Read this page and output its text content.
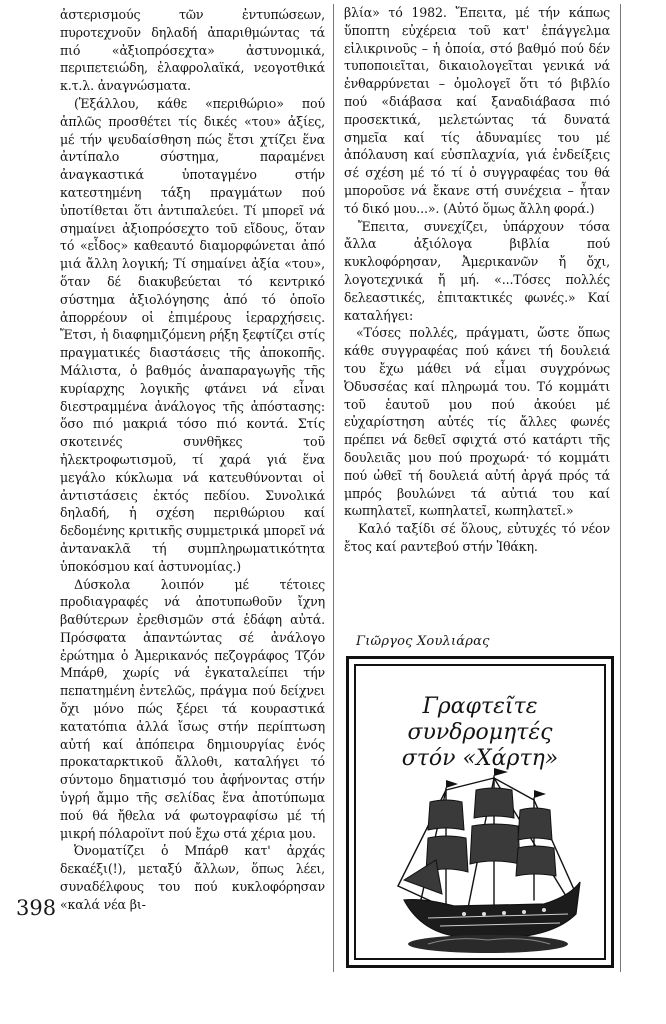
ἀστερισμούς τῶν ἐντυπώσεων, πυροτεχνοῦν δηλαδή ἀπαριθμώντας τά πιό «ἀξιοπρόσεχτα» ἀστυνομικά, περιπετειώδη, ἐλαφρολαϊκά, νεογοτθικά κ.τ.λ. ἀναγνώσματα.

(Ἐξάλλου, κάθε «περιθώριο» πού ἁπλῶς προσθέτει τίς δικές «του» ἀξίες, μέ τήν ψευδαίσθηση πώς ἔτσι χτίζει ἕνα ἀντίπαλο σύστημα, παραμένει ἀναγκαστικά ὑποταγμένο στήν κατεστημένη τάξη πραγμάτων πού ὑποτίθεται ὅτι ἀντιπαλεύει. Τί μπορεῖ νά σημαίνει ἀξιοπρόσεχτο τοῦ εἴδους, ὅταν τό «εἶδος» καθεαυτό διαμορφώνεται ἀπό μιά ἄλλη λογική; Τί σημαίνει ἀξία «του», ὅταν δέ διακυβεύεται τό κεντρικό σύστημα ἀξιολόγησης ἀπό τό ὁποῖο ἀπορρέουν οἱ ἐπιμέρους ἱεραρχήσεις. Ἔτσι, ἡ διαφημιζόμενη ρήξη ξεφτίζει στίς πραγματικές διαστάσεις τῆς ἀποκοπῆς. Μάλιστα, ὁ βαθμός ἀναπαραγωγῆς τῆς κυρίαρχης λογικῆς φτάνει νά εἶναι διεστραμμένα ἀνάλογος τῆς ἀπόστασης: ὅσο πιό μακριά τόσο πιό κοντά. Στίς σκοτεινές συνθῆκες τοῦ ἠλεκτροφωτισμοῦ, τί χαρά γιά ἕνα μεγάλο κύκλωμα νά κατευθύνονται οἱ ἀντιστάσεις ἐκτός πεδίου. Συνολικά δηλαδή, ἡ σχέση περιθώριου καί δεδομένης κριτικῆς συμμετρικά μπορεῖ νά ἀντανακλᾶ τή συμπληρωματικότητα ὑποκόσμου καί ἀστυνομίας.)

Δύσκολα λοιπόν μέ τέτοιες προδιαγραφές νά ἀποτυπωθοῦν ἴχνη βαθύτερων ἐρεθισμῶν στά ἐδάφη αὐτά. Πρόσφατα ἀπαντώντας σέ ἀνάλογο ἐρώτημα ὁ Ἀμερικανός πεζογράφος Τζόν Μπάρθ, χωρίς νά ἐγκαταλείπει τήν πεπατημένη ἐντελῶς, πράγμα πού δείχνει ὄχι μόνο πώς ξέρει τά κουραστικά κατατόπια ἀλλά ἴσως στήν περίπτωση αὐτή καί ἀπόπειρα δημιουργίας ἑνός προκαταρκτικοῦ ἄλλοθι, καταλήγει τό σύντομο δηματισμό του ἀφήνοντας στήν ὑγρή ἄμμο τῆς σελίδας ἕνα ἀποτύπωμα πού θά ἤθελα νά φωτογραφίσω μέ τή μικρή πόλαροϊντ πού ἔχω στά χέρια μου.

Ὀνοματίζει ὁ Μπάρθ κατ' ἀρχάς δεκαέξι(!), μεταξύ ἄλλων, ὅπως λέει, συναδέλφους του πού κυκλοφόρησαν «καλά νέα βι-

βλία» τό 1982. Ἔπειτα, μέ τήν κάπως ὕποπτη εὐχέρεια τοῦ κατ' ἐπάγγελμα εἰλικρινοῦς – ἡ ὁποία, στό βαθμό πού δέν τυποποιεῖται, δικαιολογεῖται γενικά νά ἐνθαρρύνεται – ὁμολογεῖ ὅτι τό βιβλίο πού «διάβασα καί ξαναδιάβασα πιό προσεκτικά, μελετώντας τά δυνατά σημεῖα καί τίς ἀδυναμίες του μέ ἀπόλαυση καί εὐσπλαχνία, γιά ἐνδείξεις σέ σχέση μέ τό τί ὁ συγγραφέας του θά μποροῦσε νά ἔκανε στή συνέχεια – ἦταν τό δικό μου...». (Αὐτό ὅμως ἄλλη φορά.)

Ἔπειτα, συνεχίζει, ὑπάρχουν τόσα ἄλλα ἀξιόλογα βιβλία πού κυκλοφόρησαν, Ἀμερικανῶν ἤ ὄχι, λογοτεχνικά ἤ μή. «...Τόσες πολλές δελεαστικές, ἐπιτακτικές φωνές.» Καί καταλήγει:

«Τόσες πολλές, πράγματι, ὥστε ὅπως κάθε συγγραφέας πού κάνει τή δουλειά του ἔχω μάθει νά εἶμαι συγχρόνως Ὀδυσσέας καί πληρωμά του. Τό κομμάτι τοῦ ἑαυτοῦ μου πού ἀκούει μέ εὐχαρίστηση αὐτές τίς ἄλλες φωνές πρέπει νά δεθεῖ σφιχτά στό κατάρτι τῆς δουλειᾶς μου πού προχωρά· τό κομμάτι πού ὠθεῖ τή δουλειά αὐτή ἀργά πρός τά μπρός βουλώνει τά αὐτιά του καί κωπηλατεῖ, κωπηλατεῖ, κωπηλατεῖ.»

Καλό ταξίδι σέ ὅλους, εὐτυχές τό νέον ἔτος καί ραντεβού στήν Ἰθάκη.

398
Γιῶργος Χουλιάρας
Γραφτεῖτε συνδρομητές
στόν «Χάρτη»
